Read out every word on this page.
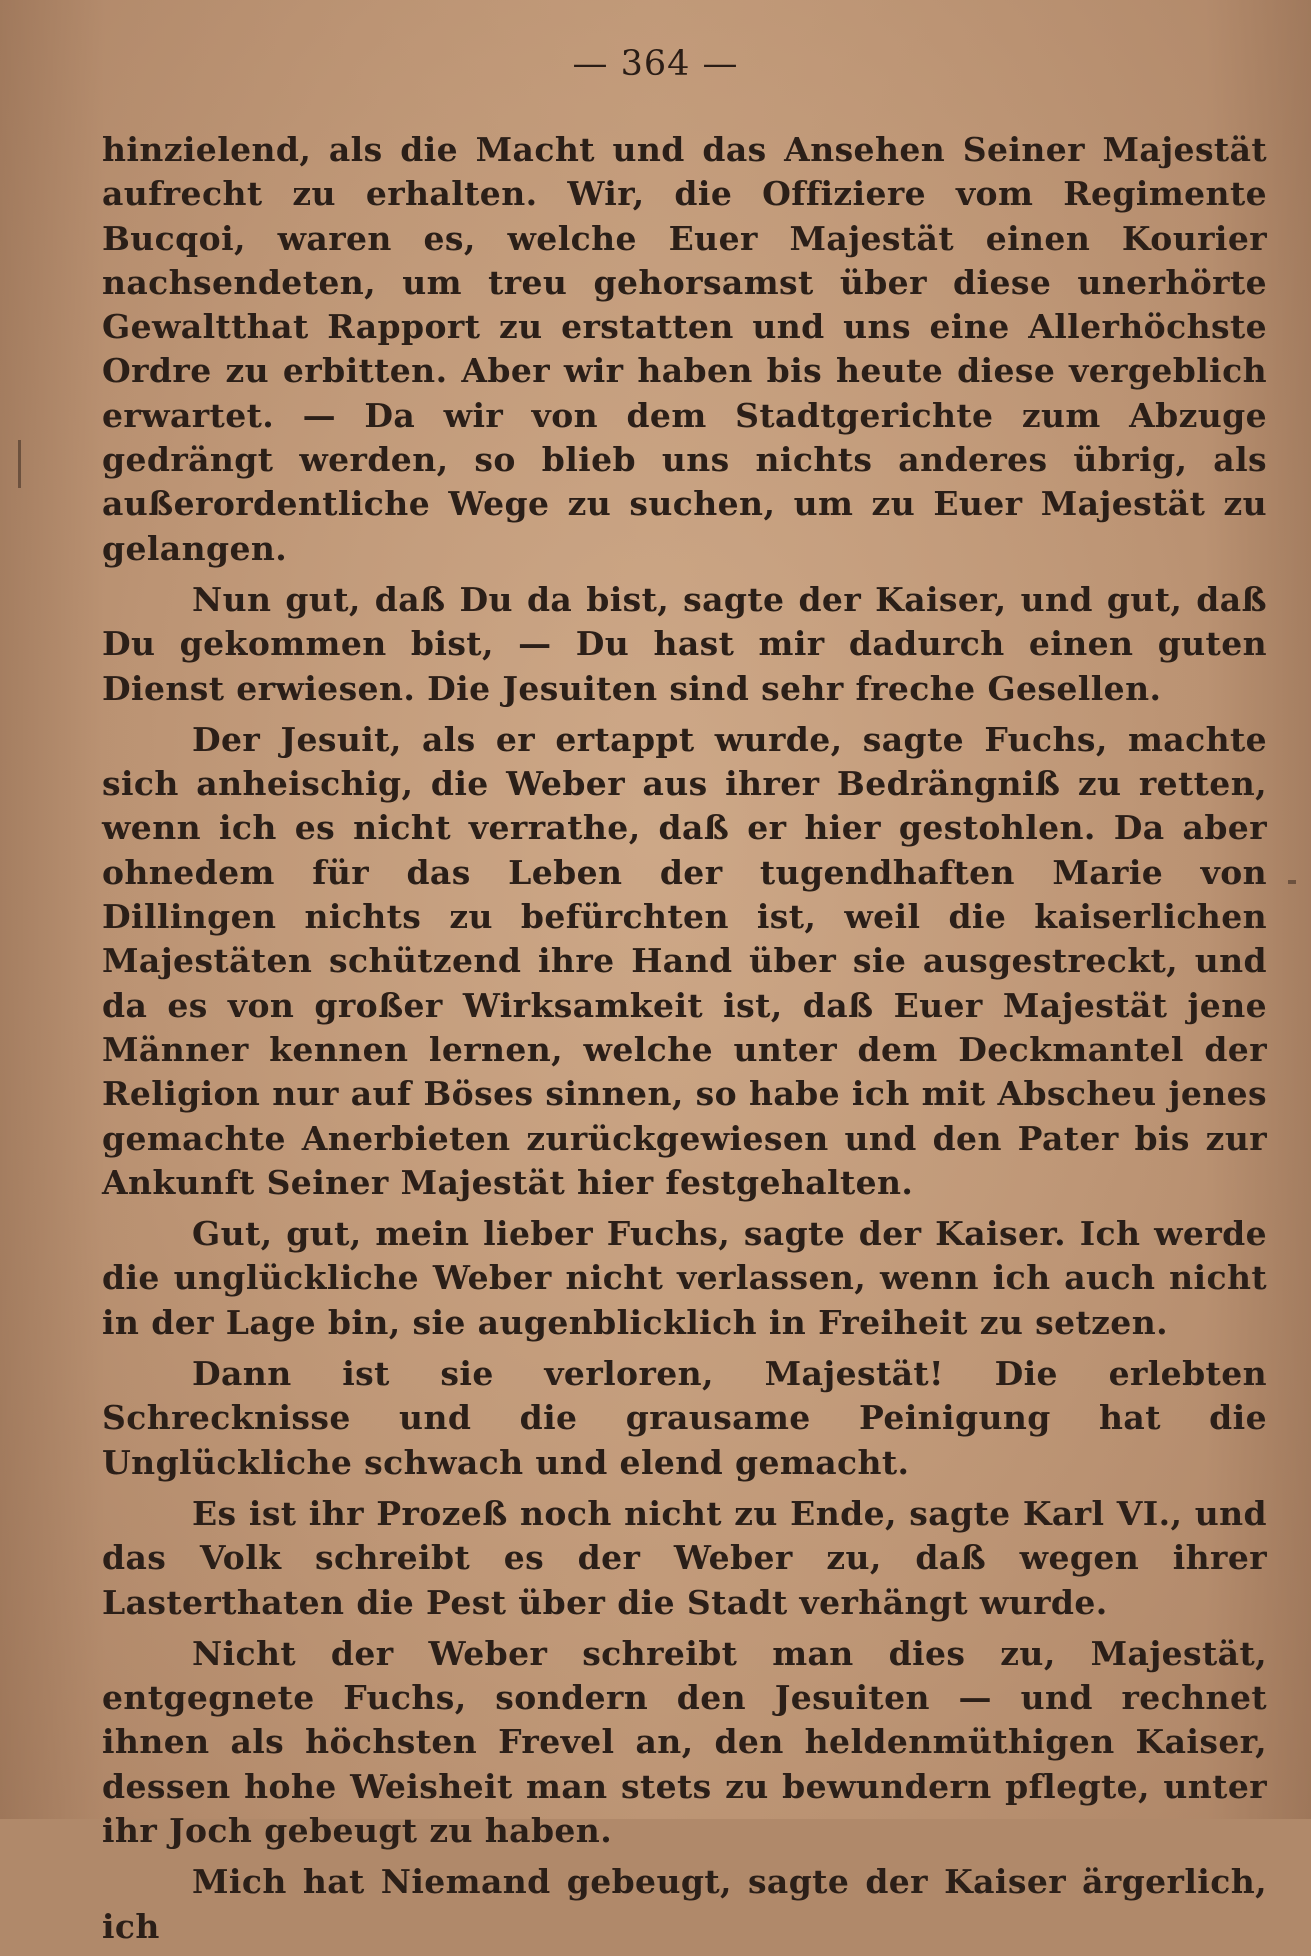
— 364 —

hinzielend, als die Macht und das Ansehen Seiner Majestät aufrecht zu erhalten. Wir, die Offiziere vom Regimente Bucqoi, waren es, welche Euer Majestät einen Kourier nachsendeten, um treu gehorsamst über diese unerhörte Gewaltthat Rapport zu erstatten und uns eine Allerhöchste Ordre zu erbitten. Aber wir haben bis heute diese vergeblich erwartet. — Da wir von dem Stadtgerichte zum Abzuge gedrängt werden, so blieb uns nichts anderes übrig, als außerordentliche Wege zu suchen, um zu Euer Majestät zu gelangen.

Nun gut, daß Du da bist, sagte der Kaiser, und gut, daß Du gekommen bist, — Du hast mir dadurch einen guten Dienst erwiesen. Die Jesuiten sind sehr freche Gesellen.

Der Jesuit, als er ertappt wurde, sagte Fuchs, machte sich anheischig, die Weber aus ihrer Bedrängniß zu retten, wenn ich es nicht verrathe, daß er hier gestohlen. Da aber ohnedem für das Leben der tugendhaften Marie von Dillingen nichts zu befürchten ist, weil die kaiserlichen Majestäten schützend ihre Hand über sie ausgestreckt, und da es von großer Wirksamkeit ist, daß Euer Majestät jene Männer kennen lernen, welche unter dem Deckmantel der Religion nur auf Böses sinnen, so habe ich mit Abscheu jenes gemachte Anerbieten zurückgewiesen und den Pater bis zur Ankunft Seiner Majestät hier festgehalten.

Gut, gut, mein lieber Fuchs, sagte der Kaiser. Ich werde die unglückliche Weber nicht verlassen, wenn ich auch nicht in der Lage bin, sie augenblicklich in Freiheit zu setzen.

Dann ist sie verloren, Majestät! Die erlebten Schrecknisse und die grausame Peinigung hat die Unglückliche schwach und elend gemacht.

Es ist ihr Prozeß noch nicht zu Ende, sagte Karl VI., und das Volk schreibt es der Weber zu, daß wegen ihrer Lasterthaten die Pest über die Stadt verhängt wurde.

Nicht der Weber schreibt man dies zu, Majestät, entgegnete Fuchs, sondern den Jesuiten — und rechnet ihnen als höchsten Frevel an, den heldenmüthigen Kaiser, dessen hohe Weisheit man stets zu bewundern pflegte, unter ihr Joch gebeugt zu haben.

Mich hat Niemand gebeugt, sagte der Kaiser ärgerlich, ich
